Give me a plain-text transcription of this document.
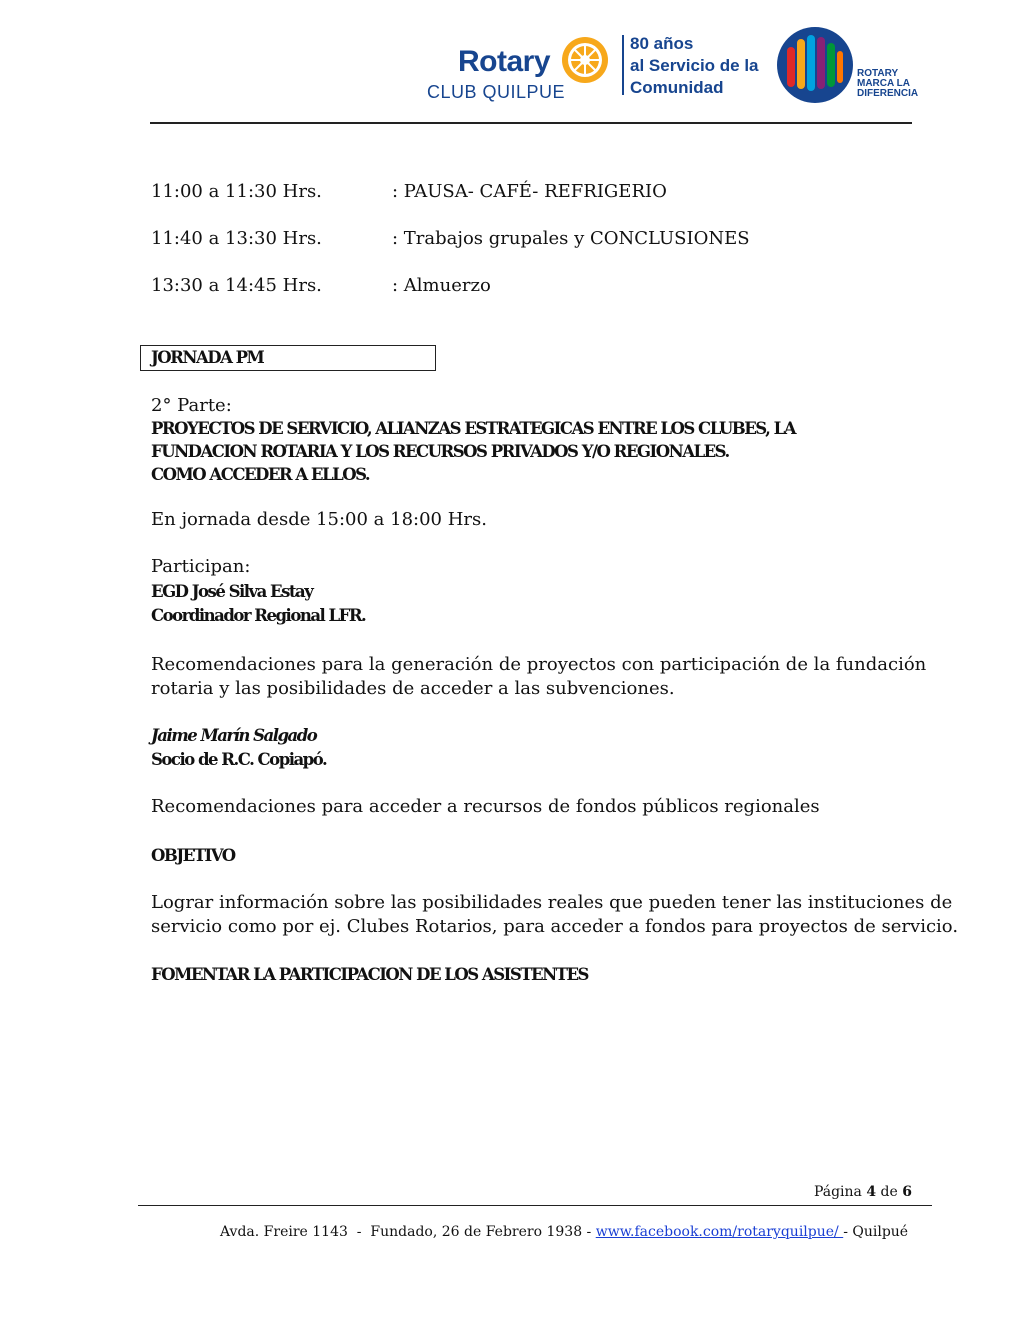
Rotary
CLUB QUILPUE
80 años
al Servicio de la
Comunidad
ROTARY
MARCA LA
DIFERENCIA
11:00 a 11:30 Hrs.	: PAUSA- CAFÉ- REFRIGERIO
11:40 a 13:30 Hrs.	: Trabajos grupales y CONCLUSIONES
13:30 a 14:45 Hrs.	: Almuerzo
JORNADA PM
2° Parte:
PROYECTOS DE SERVICIO, ALIANZAS ESTRATEGICAS ENTRE LOS CLUBES, LA
FUNDACION ROTARIA Y LOS RECURSOS PRIVADOS Y/O REGIONALES.
COMO ACCEDER A ELLOS.
En jornada desde 15:00 a 18:00 Hrs.
Participan:
EGD José Silva Estay
Coordinador Regional LFR.
Recomendaciones para la generación de proyectos con participación de la fundación
rotaria y las posibilidades de acceder a las subvenciones.
Jaime Marín Salgado
Socio de R.C. Copiapó.
Recomendaciones para acceder a recursos de fondos públicos regionales
OBJETIVO
Lograr información sobre las posibilidades reales que pueden tener las instituciones de
servicio como por ej. Clubes Rotarios, para acceder a fondos para proyectos de servicio.
FOMENTAR LA PARTICIPACION DE LOS ASISTENTES
Página 4 de 6
Avda. Freire 1143  -  Fundado, 26 de Febrero 1938 - www.facebook.com/rotaryquilpue/ - Quilpué
